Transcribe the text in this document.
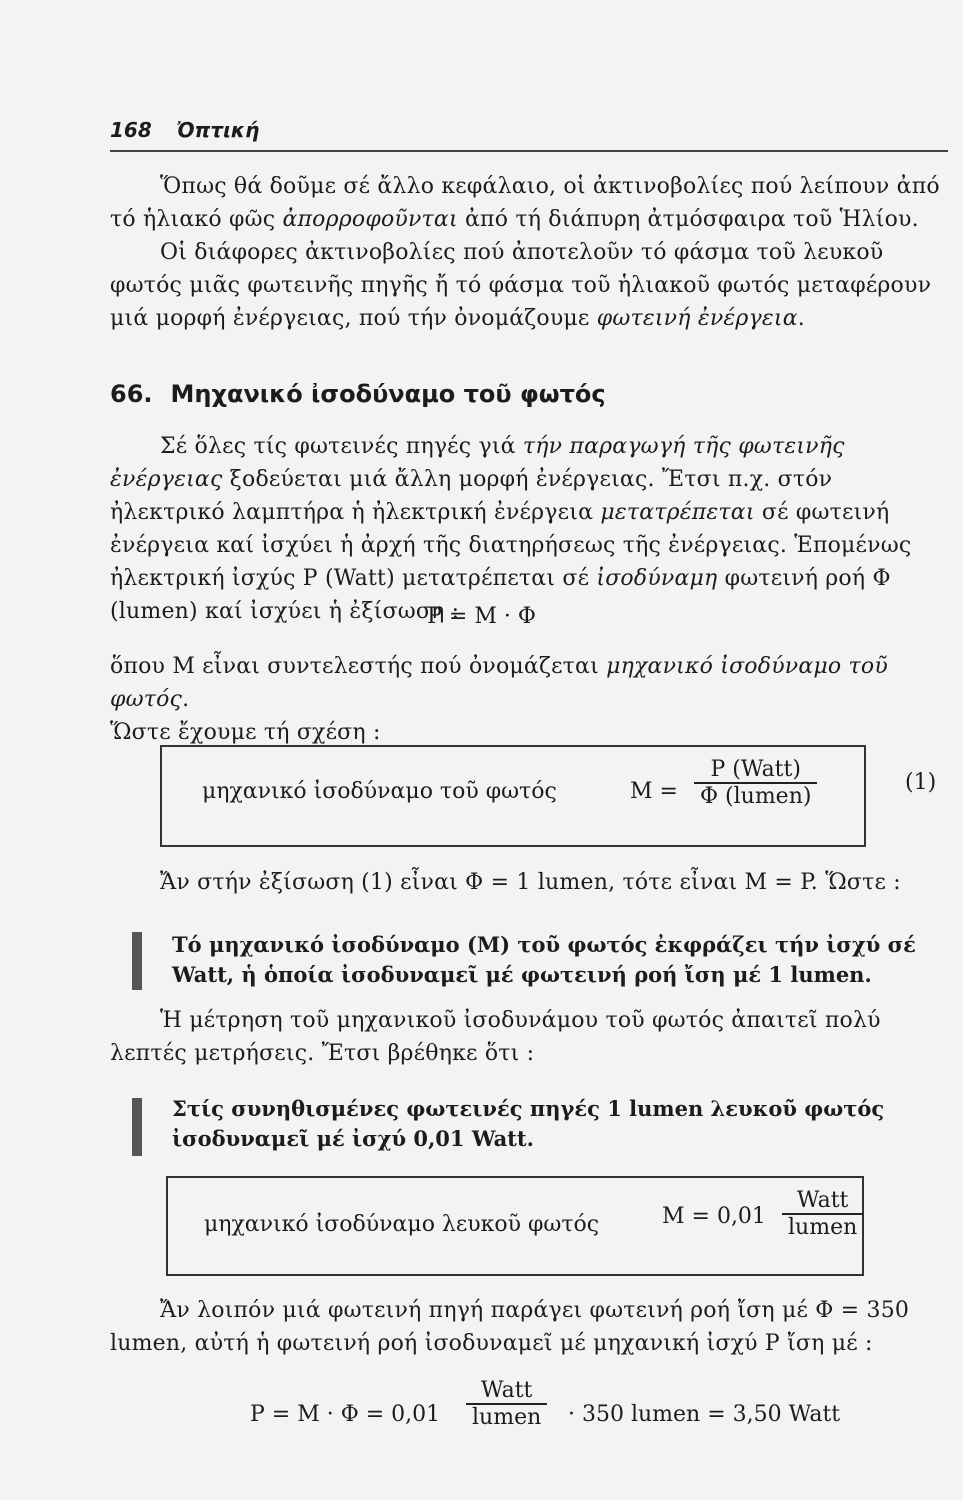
168 Ὀπτική
Ὅπως θά δοῦμε σέ ἄλλο κεφάλαιο, οἱ ἀκτινοβολίες πού λείπουν ἀπό τό ἡλιακό φῶς ἀπορροφοῦνται ἀπό τή διάπυρη ἀτμόσφαιρα τοῦ Ἡλίου.
Οἱ διάφορες ἀκτινοβολίες πού ἀποτελοῦν τό φάσμα τοῦ λευκοῦ φωτός μιᾶς φωτεινῆς πηγῆς ἤ τό φάσμα τοῦ ἡλιακοῦ φωτός μεταφέρουν μιά μορφή ἐνέργειας, πού τήν ὀνομάζουμε φωτεινή ἐνέργεια.
66. Μηχανικό ἰσοδύναμο τοῦ φωτός
Σέ ὅλες τίς φωτεινές πηγές γιά τήν παραγωγή τῆς φωτεινῆς ἐνέργειας ξοδεύεται μιά ἄλλη μορφή ἐνέργειας. Ἔτσι π.χ. στόν ἠλεκτρικό λαμπτήρα ἡ ἠλεκτρική ἐνέργεια μετατρέπεται σέ φωτεινή ἐνέργεια καί ἰσχύει ἡ ἀρχή τῆς διατηρήσεως τῆς ἐνέργειας. Ἑπομένως ἠλεκτρική ἰσχύς P (Watt) μετατρέπεται σέ ἰσοδύναμη φωτεινή ροή Φ (lumen) καί ἰσχύει ἡ ἐξίσωση :
P = M · Φ
ὅπου M εἶναι συντελεστής πού ὀνομάζεται μηχανικό ἰσοδύναμο τοῦ φωτός.
Ὥστε ἔχουμε τή σχέση :
μηχανικό ἰσοδύναμο τοῦ φωτός	M =
P (Watt)
Φ (lumen)
(1)
Ἄν στήν ἐξίσωση (1) εἶναι Φ = 1 lumen, τότε εἶναι M = P. Ὥστε :
Τό μηχανικό ἰσοδύναμο (M) τοῦ φωτός ἐκφράζει τήν ἰσχύ σέ Watt, ἡ ὁποία ἰσοδυναμεῖ μέ φωτεινή ροή ἴση μέ 1 lumen.
Ἡ μέτρηση τοῦ μηχανικοῦ ἰσοδυνάμου τοῦ φωτός ἀπαιτεῖ πολύ λεπτές μετρήσεις. Ἔτσι βρέθηκε ὅτι :
Στίς συνηθισμένες φωτεινές πηγές 1 lumen λευκοῦ φωτός ἰσοδυναμεῖ μέ ἰσχύ 0,01 Watt.
μηχανικό ἰσοδύναμο λευκοῦ φωτός	M = 0,01
Watt
lumen
Ἄν λοιπόν μιά φωτεινή πηγή παράγει φωτεινή ροή ἴση μέ Φ = 350 lumen, αὐτή ἡ φωτεινή ροή ἰσοδυναμεῖ μέ μηχανική ἰσχύ P ἴση μέ :
P = M · Φ = 0,01
Watt
lumen · 350 lumen = 3,50 Watt
